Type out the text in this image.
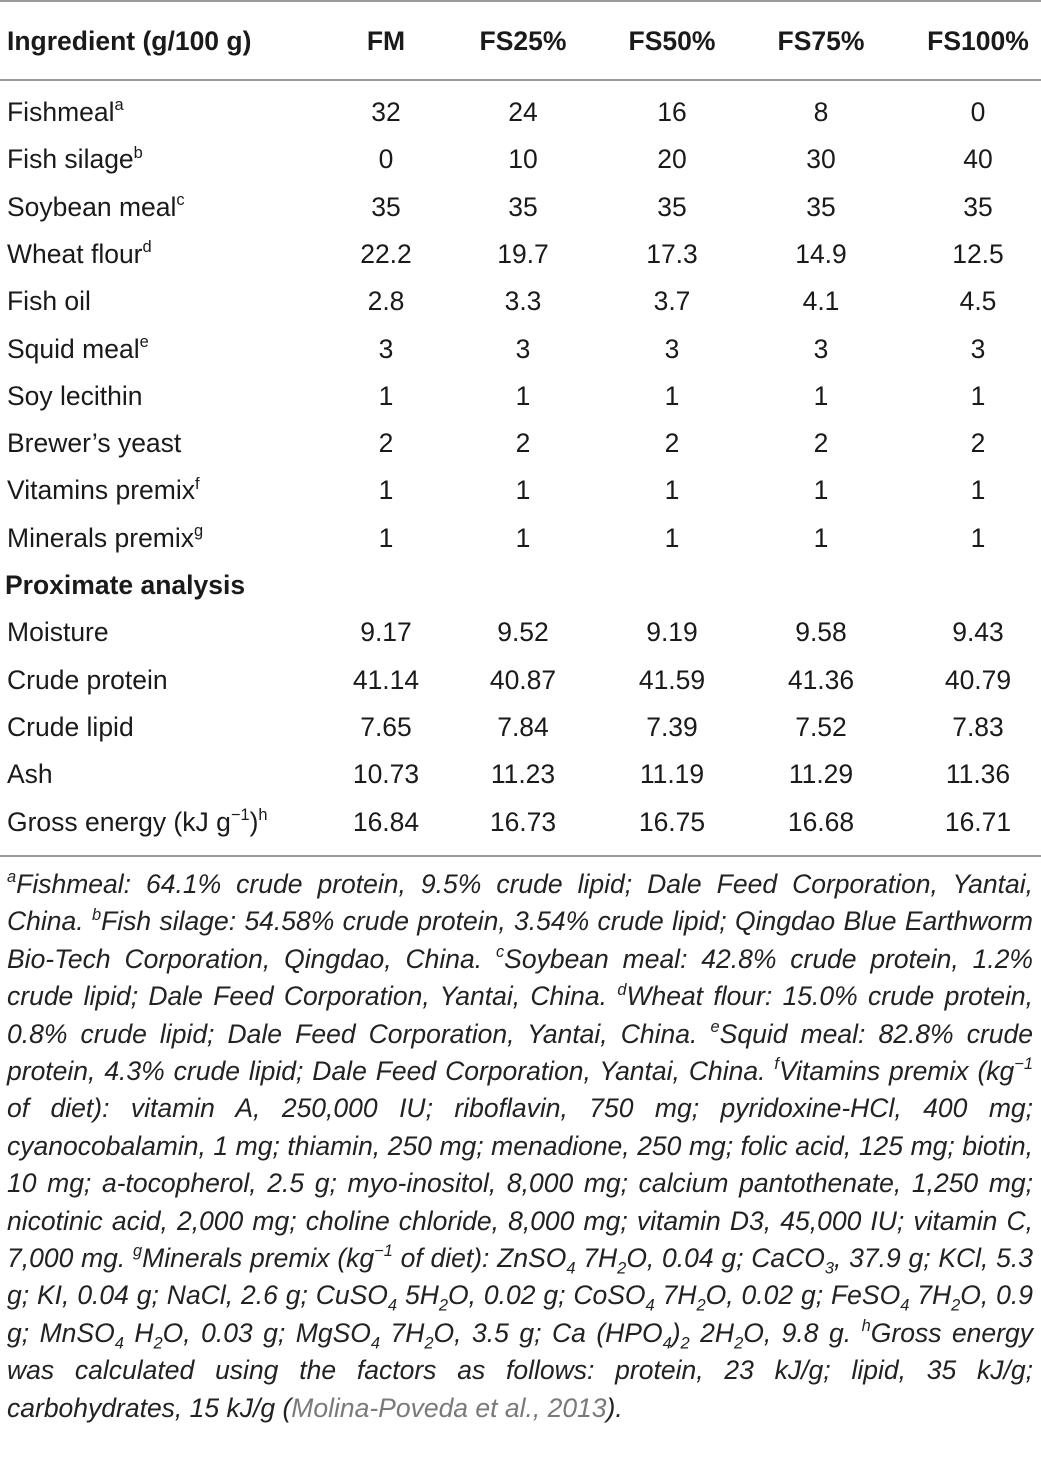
Ingredient (g/100 g)	FM	FS25%	FS50%	FS75%	FS100%
Fishmeal$^a$	32	24	16	8	0
Fish silage$^b$	0	10	20	30	40
Soybean meal$^c$	35	35	35	35	35
Wheat flour$^d$	22.2	19.7	17.3	14.9	12.5
Fish oil	2.8	3.3	3.7	4.1	4.5
Squid meal$^e$	3	3	3	3	3
Soy lecithin	1	1	1	1	1
Brewer’s yeast	2	2	2	2	2
Vitamins premix$^f$	1	1	1	1	1
Minerals premix$^g$	1	1	1	1	1
Proximate analysis
Moisture	9.17	9.52	9.19	9.58	9.43
Crude protein	41.14	40.87	41.59	41.36	40.79
Crude lipid	7.65	7.84	7.39	7.52	7.83
Ash	10.73	11.23	11.19	11.29	11.36
Gross energy (kJ $g^{-1})^h$	16.84	16.73	16.75	16.68	16.71
$^a$Fishmeal: 64.1% crude protein, 9.5% crude lipid; Dale Feed Corporation, Yantai, China. $^b$Fish silage: 54.58% crude protein, 3.54% crude lipid; Qingdao Blue Earthworm Bio-Tech Corporation, Qingdao, China. $^c$Soybean meal: 42.8% crude protein, 1.2% crude lipid; Dale Feed Corporation, Yantai, China. $^d$Wheat flour: 15.0% crude protein, 0.8% crude lipid; Dale Feed Corporation, Yantai, China. $^e$Squid meal: 82.8% crude protein, 4.3% crude lipid; Dale Feed Corporation, Yantai, China. $^f$Vitamins premix ($kg^{-1}$ of diet): vitamin A, 250,000 IU; riboflavin, 750 mg; pyridoxine-HCl, 400 mg; cyanocobalamin, 1 mg; thiamin, 250 mg; menadione, 250 mg; folic acid, 125 mg; biotin, 10 mg; a-tocopherol, 2.5 g; myo-inositol, 8,000 mg; calcium pantothenate, 1,250 mg; nicotinic acid, 2,000 mg; choline chloride, 8,000 mg; vitamin D3, 45,000 IU; vitamin C, 7,000 mg. $^g$Minerals premix ($kg^{-1}$ of diet): ZnSO$_4$ $7H_2O$, 0.04 g; CaCO$_3$, 37.9 g; KCl, 5.3 g; KI, 0.04 g; NaCl, 2.6 g; CuSO$_4$ $5H_2O$, 0.02 g; CoSO$_4$ $7H_2O$, 0.02 g; FeSO$_4$ $7H_2O$, 0.9 g; MnSO$_4$ $H_2O$, 0.03 g; MgSO$_4$ $7H_2O$, 3.5 g; Ca $(HPO_4)_2$ $2H_2O$, 9.8 g. $^h$Gross energy was calculated using the factors as follows: protein, 23 kJ/g; lipid, 35 kJ/g; carbohydrates, 15 kJ/g (Molina-Poveda et al., 2013).
